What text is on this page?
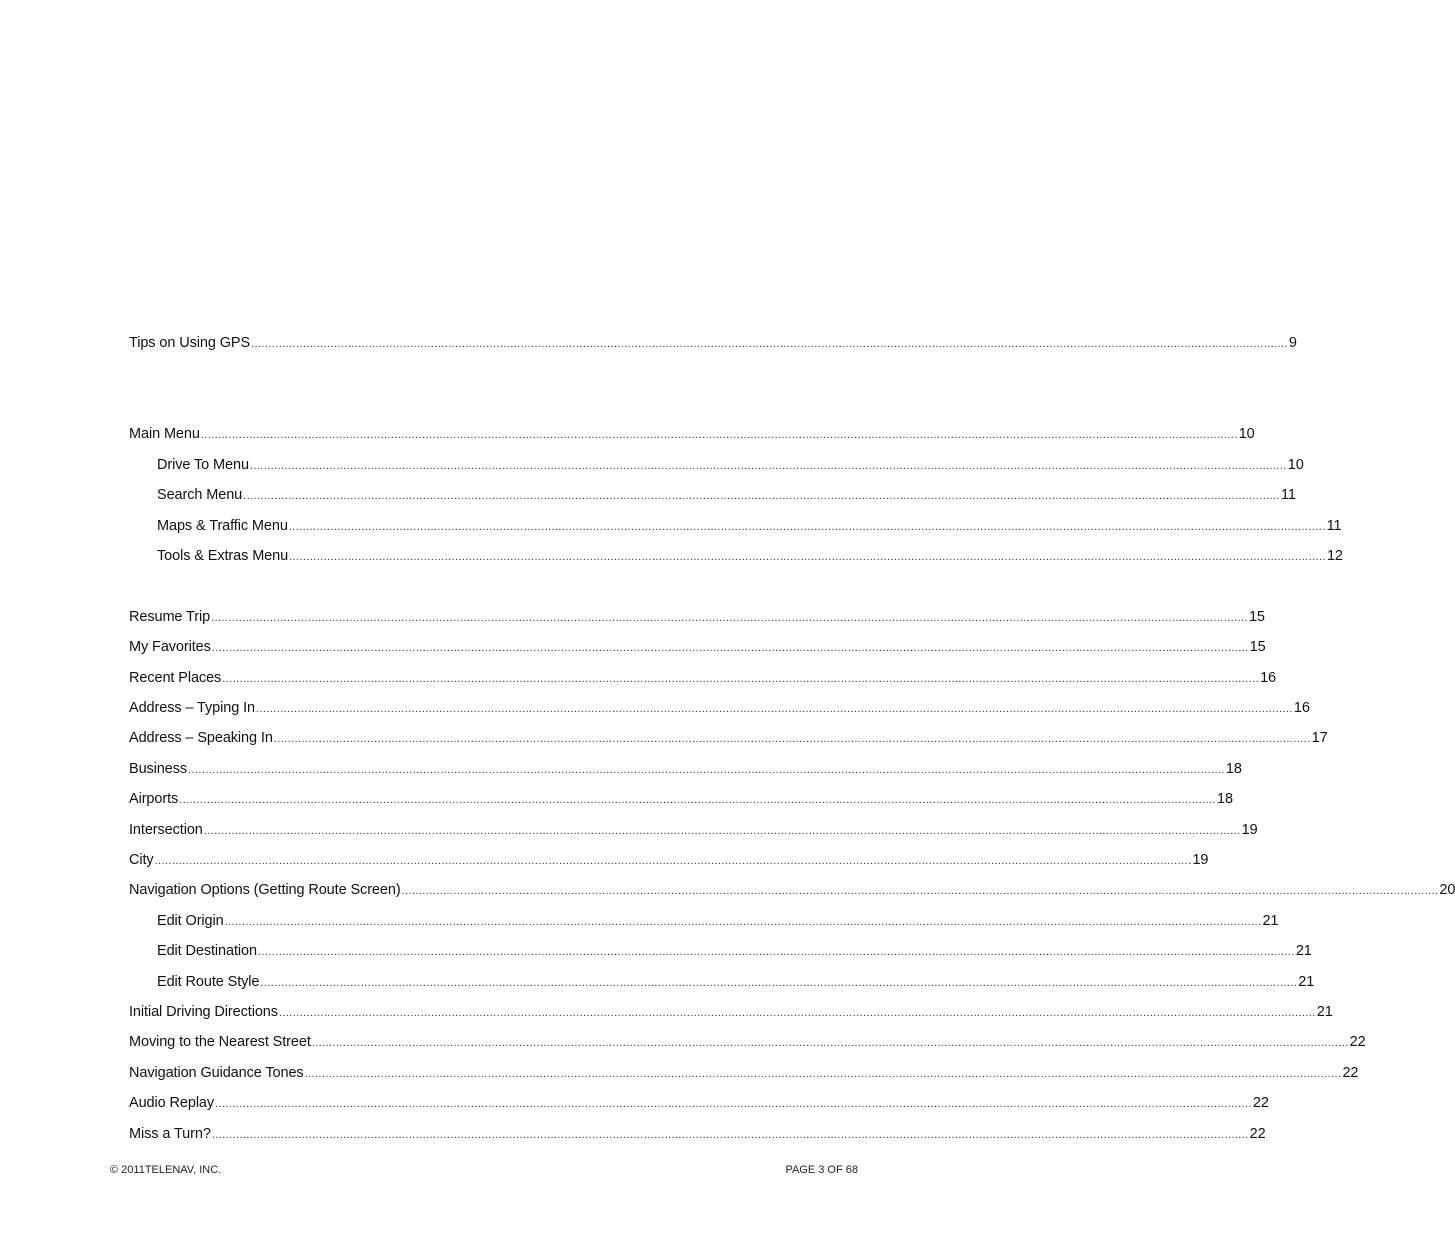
Tips on Using GPS ............................................................................................................................................................................................................................................................................................................ 9
Main Menu ............................................................................................................................................................................................................................................................................................................ 10
Drive To Menu ............................................................................................................................................................................................................................................................................................................ 10
Search Menu ............................................................................................................................................................................................................................................................................................................ 11
Maps & Traffic Menu ............................................................................................................................................................................................................................................................................................................ 11
Tools & Extras Menu ............................................................................................................................................................................................................................................................................................................ 12
Resume Trip ............................................................................................................................................................................................................................................................................................................ 15
My Favorites ............................................................................................................................................................................................................................................................................................................ 15
Recent Places ............................................................................................................................................................................................................................................................................................................ 16
Address – Typing In ............................................................................................................................................................................................................................................................................................................ 16
Address – Speaking In ............................................................................................................................................................................................................................................................................................................ 17
Business ............................................................................................................................................................................................................................................................................................................ 18
Airports ............................................................................................................................................................................................................................................................................................................ 18
Intersection ............................................................................................................................................................................................................................................................................................................ 19
City ............................................................................................................................................................................................................................................................................................................ 19
Navigation Options (Getting Route Screen) ............................................................................................................................................................................................................................................................................................................ 20
Edit Origin ............................................................................................................................................................................................................................................................................................................ 21
Edit Destination ............................................................................................................................................................................................................................................................................................................ 21
Edit Route Style ............................................................................................................................................................................................................................................................................................................ 21
Initial Driving Directions ............................................................................................................................................................................................................................................................................................................ 21
Moving to the Nearest Street ............................................................................................................................................................................................................................................................................................................ 22
Navigation Guidance Tones ............................................................................................................................................................................................................................................................................................................ 22
Audio Replay ............................................................................................................................................................................................................................................................................................................ 22
Miss a Turn? ............................................................................................................................................................................................................................................................................................................ 22
© 2011TELENAV, INC.	PAGE 3 OF 68
